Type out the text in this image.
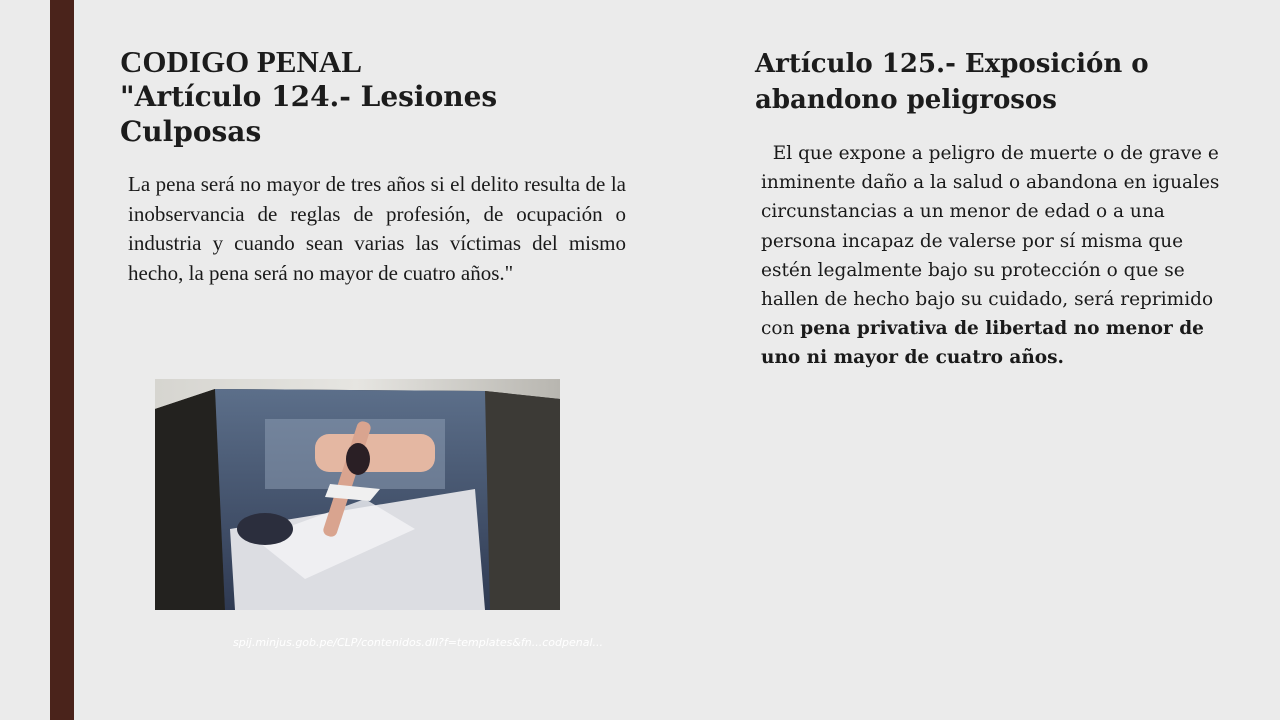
CODIGO PENAL
"Artículo 124.- Lesiones
Culposas

La pena será no mayor de tres años si el delito resulta de la inobservancia de reglas de profesión, de ocupación o industria y cuando sean varias las víctimas del mismo hecho, la pena será no mayor de cuatro años."

Artículo 125.- Exposición o abandono peligrosos

El que expone a peligro de muerte o de grave e inminente daño a la salud o abandona en iguales circunstancias a un menor de edad o a una persona incapaz de valerse por sí misma que estén legalmente bajo su protección o que se hallen de hecho bajo su cuidado, será reprimido con pena privativa de libertad no menor de uno ni mayor de cuatro años.

spij.minjus.gob.pe/CLP/contenidos.dll?f=templates&fn...codpenal...
